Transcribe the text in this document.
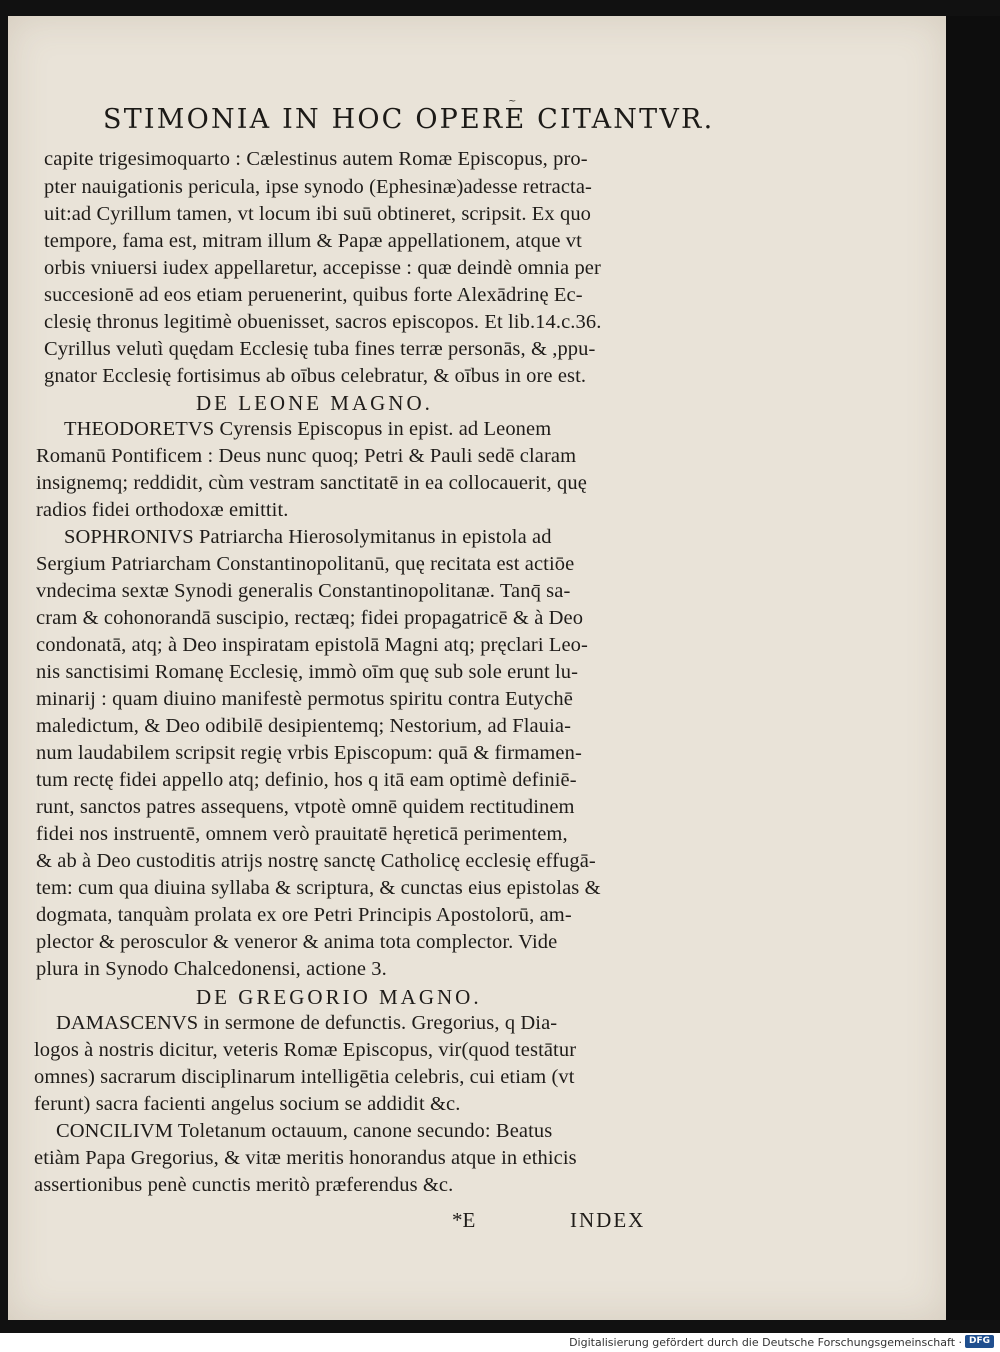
~
STIMONIA IN HOC OPERE CITANTVR.
capite trigesimoquarto : Cælestinus autem Romæ Episcopus, pro-
pter nauigationis pericula, ipse synodo (Ephesinæ)adesse retracta-
uit:ad Cyrillum tamen, vt locum ibi suū obtineret, scripsit. Ex quo
tempore, fama est, mitram illum & Papæ appellationem, atque vt
orbis vniuersi iudex appellaretur, accepisse : quæ deindè omnia per
succesionē ad eos etiam peruenerint, quibus forte Alexādrinę Ec-
clesię thronus legitimè obuenisset, sacros episcopos. Et lib.14.c.36.
Cyrillus velutì quędam Ecclesię tuba fines terræ personās, & ,ppu-
gnator Ecclesię fortisimus ab oībus celebratur, & oībus in ore est.
DE LEONE MAGNO.
THEODORETVS Cyrensis Episcopus in epist. ad Leonem
Romanū Pontificem : Deus nunc quoq; Petri & Pauli sedē claram
insignemq; reddidit, cùm vestram sanctitatē in ea collocauerit, quę
radios fidei orthodoxæ emittit.
SOPHRONIVS Patriarcha Hierosolymitanus in epistola ad
Sergium Patriarcham Constantinopolitanū, quę recitata est actiōe
vndecima sextæ Synodi generalis Constantinopolitanæ. Tanq̄ sa-
cram & cohonorandā suscipio, rectæq; fidei propagatricē & à Deo
condonatā, atq; à Deo inspiratam epistolā Magni atq; pręclari Leo-
nis sanctisimi Romanę Ecclesię, immò oīm quę sub sole erunt lu-
minarij : quam diuino manifestè permotus spiritu contra Eutychē
maledictum, & Deo odibilē desipientemq; Nestorium, ad Flauia-
num laudabilem scripsit regię vrbis Episcopum: quā & firmamen-
tum rectę fidei appello atq; definio, hos q itā eam optimè definiē-
runt, sanctos patres assequens, vtpotè omnē quidem rectitudinem
fidei nos instruentē, omnem verò prauitatē hęreticā perimentem,
& ab à Deo custoditis atrijs nostrę sanctę Catholicę ecclesię effugā-
tem: cum qua diuina syllaba & scriptura, & cunctas eius epistolas &
dogmata, tanquàm prolata ex ore Petri Principis Apostolorū, am-
plector & perosculor & veneror & anima tota complector. Vide
plura in Synodo Chalcedonensi, actione 3.
DE GREGORIO MAGNO.
DAMASCENVS in sermone de defunctis. Gregorius, q Dia-
logos à nostris dicitur, veteris Romæ Episcopus, vir(quod testātur
omnes) sacrarum disciplinarum intelligētia celebris, cui etiam (vt
ferunt) sacra facienti angelus socium se addidit &c.
CONCILIVM Toletanum octauum, canone secundo: Beatus
etiàm Papa Gregorius, & vitæ meritis honorandus atque in ethicis
assertionibus penè cunctis meritò præferendus &c.
*E	INDEX
Digitalisierung gefördert durch die Deutsche Forschungsgemeinschaft · DFG
